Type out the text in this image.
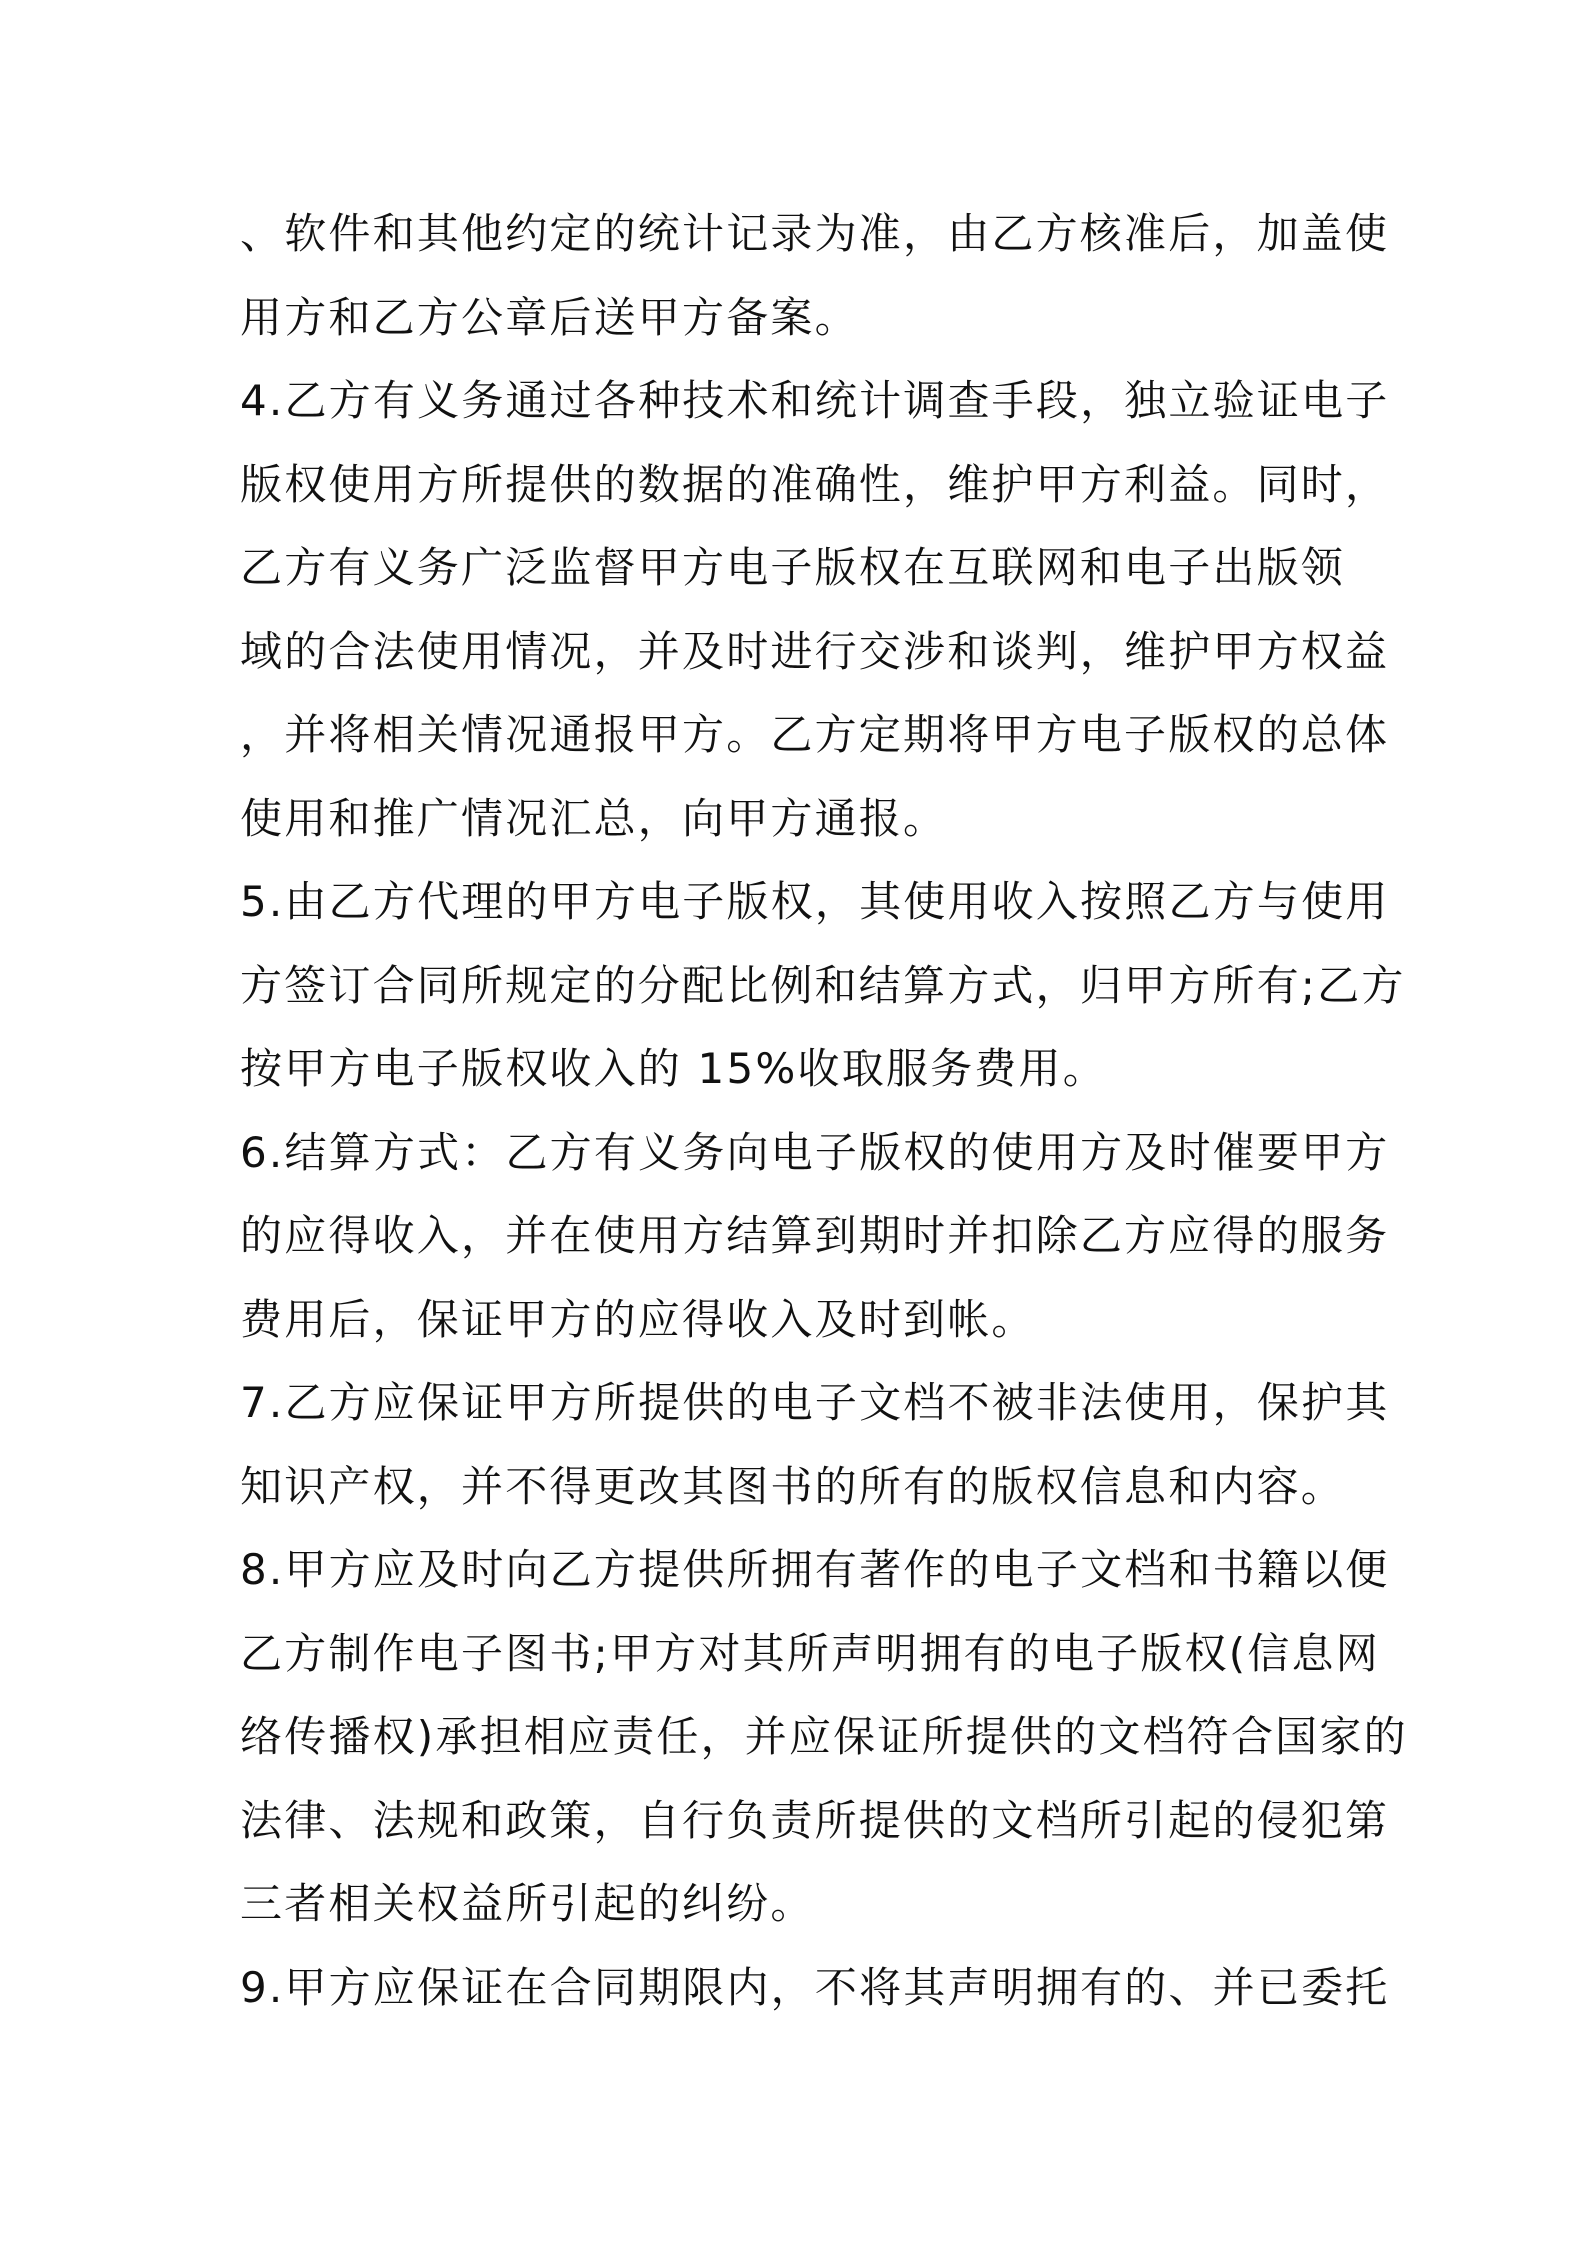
、软件和其他约定的统计记录为准，由乙方核准后，加盖使
用方和乙方公章后送甲方备案。
4.乙方有义务通过各种技术和统计调查手段，独立验证电子
版权使用方所提供的数据的准确性，维护甲方利益。同时，
乙方有义务广泛监督甲方电子版权在互联网和电子出版领
域的合法使用情况，并及时进行交涉和谈判，维护甲方权益
，并将相关情况通报甲方。乙方定期将甲方电子版权的总体
使用和推广情况汇总，向甲方通报。
5.由乙方代理的甲方电子版权，其使用收入按照乙方与使用
方签订合同所规定的分配比例和结算方式，归甲方所有;乙方
按甲方电子版权收入的 15%收取服务费用。
6.结算方式：乙方有义务向电子版权的使用方及时催要甲方
的应得收入，并在使用方结算到期时并扣除乙方应得的服务
费用后，保证甲方的应得收入及时到帐。
7.乙方应保证甲方所提供的电子文档不被非法使用，保护其
知识产权，并不得更改其图书的所有的版权信息和内容。
8.甲方应及时向乙方提供所拥有著作的电子文档和书籍以便
乙方制作电子图书;甲方对其所声明拥有的电子版权(信息网
络传播权)承担相应责任，并应保证所提供的文档符合国家的
法律、法规和政策，自行负责所提供的文档所引起的侵犯第
三者相关权益所引起的纠纷。
9.甲方应保证在合同期限内，不将其声明拥有的、并已委托
